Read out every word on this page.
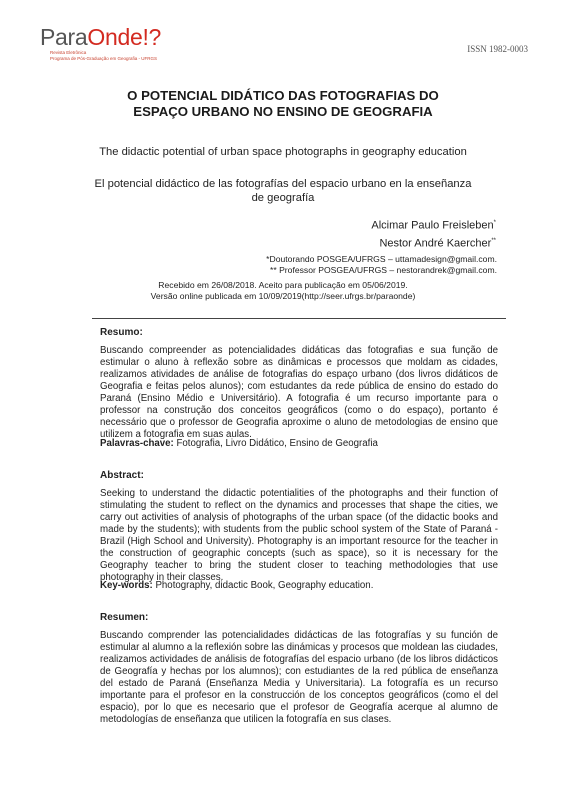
ParaOnde!?
Revista Eletrônica
Programa de Pós-Graduação em Geografia - UFRGS
ISSN 1982-0003
O POTENCIAL DIDÁTICO DAS FOTOGRAFIAS DO
ESPAÇO URBANO NO ENSINO DE GEOGRAFIA
The didactic potential of urban space photographs in geography education
El potencial didáctico de las fotografías del espacio urbano en la enseñanza de geografía
Alcimar Paulo Freisleben*
Nestor André Kaercher**
*Doutorando POSGEA/UFRGS – uttamadesign@gmail.com.
** Professor POSGEA/UFRGS – nestorandrek@gmail.com.
Recebido em 26/08/2018. Aceito para publicação em 05/06/2019.
Versão online publicada em 10/09/2019(http://seer.ufrgs.br/paraonde)
Resumo:
Buscando compreender as potencialidades didáticas das fotografias e sua função de estimular o aluno à reflexão sobre as dinâmicas e processos que moldam as cidades, realizamos atividades de análise de fotografias do espaço urbano (dos livros didáticos de Geografia e feitas pelos alunos); com estudantes da rede pública de ensino do estado do Paraná (Ensino Médio e Universitário). A fotografia é um recurso importante para o professor na construção dos conceitos geográficos (como o do espaço), portanto é necessário que o professor de Geografia aproxime o aluno de metodologias de ensino que utilizem a fotografia em suas aulas.
Palavras-chave: Fotografia, Livro Didático, Ensino de Geografia
Abstract:
Seeking to understand the didactic potentialities of the photographs and their function of stimulating the student to reflect on the dynamics and processes that shape the cities, we carry out activities of analysis of photographs of the urban space (of the didactic books and made by the students); with students from the public school system of the State of Paraná - Brazil (High School and University). Photography is an important resource for the teacher in the construction of geographic concepts (such as space), so it is necessary for the Geography teacher to bring the student closer to teaching methodologies that use photography in their classes.
Key-words: Photography, didactic Book, Geography education.
Resumen:
Buscando comprender las potencialidades didácticas de las fotografías y su función de estimular al alumno a la reflexión sobre las dinámicas y procesos que moldean las ciudades, realizamos actividades de análisis de fotografías del espacio urbano (de los libros didácticos de Geografía y hechas por los alumnos); con estudiantes de la red pública de enseñanza del estado de Paraná (Enseñanza Media y Universitaria). La fotografía es un recurso importante para el profesor en la construcción de los conceptos geográficos (como el del espacio), por lo que es necesario que el profesor de Geografía acerque al alumno de metodologías de enseñanza que utilicen la fotografía en sus clases.
